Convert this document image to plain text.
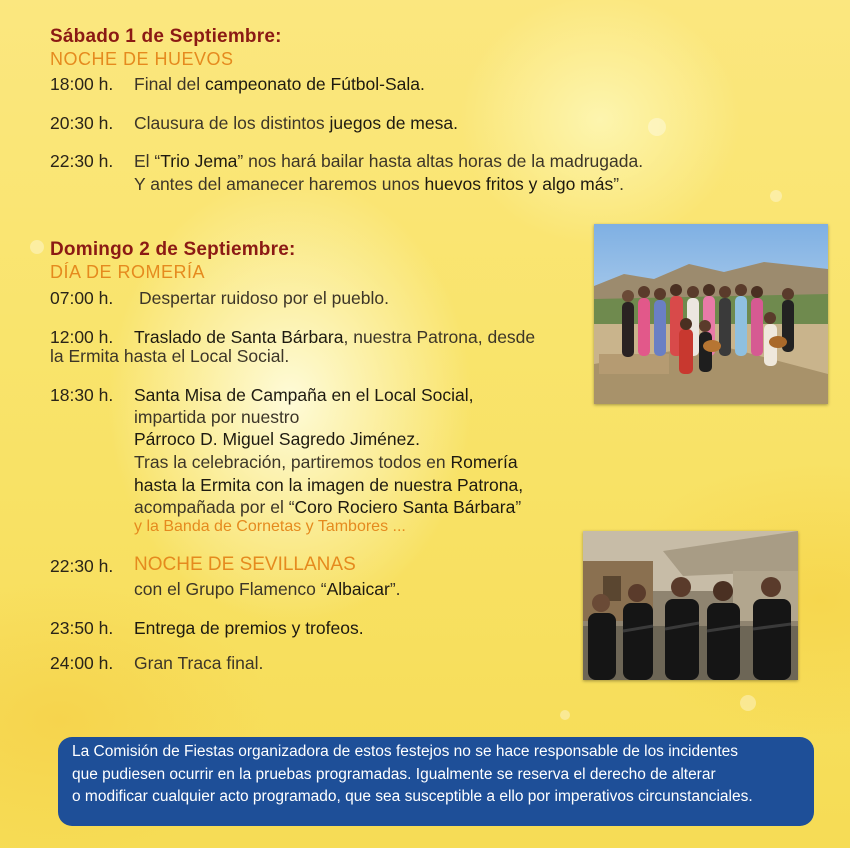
Sábado 1 de Septiembre:
NOCHE DE HUEVOS
18:00 h. Final del campeonato de Fútbol-Sala.
20:30 h. Clausura de los distintos juegos de mesa.
22:30 h. El “Trio Jema” nos hará bailar hasta altas horas de la madrugada.
Y antes del amanecer haremos unos huevos fritos y algo más”.
Domingo 2 de Septiembre:
DÍA DE ROMERÍA
07:00 h. Despertar ruidoso por el pueblo.
12:00 h. Traslado de Santa Bárbara, nuestra Patrona, desde
la Ermita hasta el Local Social.
18:30 h. Santa Misa de Campaña en el Local Social,
impartida por nuestro
Párroco D. Miguel Sagredo Jiménez.
Tras la celebración, partiremos todos en Romería
hasta la Ermita con la imagen de nuestra Patrona,
acompañada por el “Coro Rociero Santa Bárbara”
y la Banda de Cornetas y Tambores ...
22:30 h. NOCHE DE SEVILLANAS
con el Grupo Flamenco “Albaicar”.
23:50 h. Entrega de premios y trofeos.
24:00 h. Gran Traca final.
La Comisión de Fiestas organizadora de estos festejos no se hace responsable de los incidentes
que pudiesen ocurrir en la pruebas programadas. Igualmente se reserva el derecho de alterar
o modificar cualquier acto programado, que sea susceptible a ello por imperativos circunstanciales.
